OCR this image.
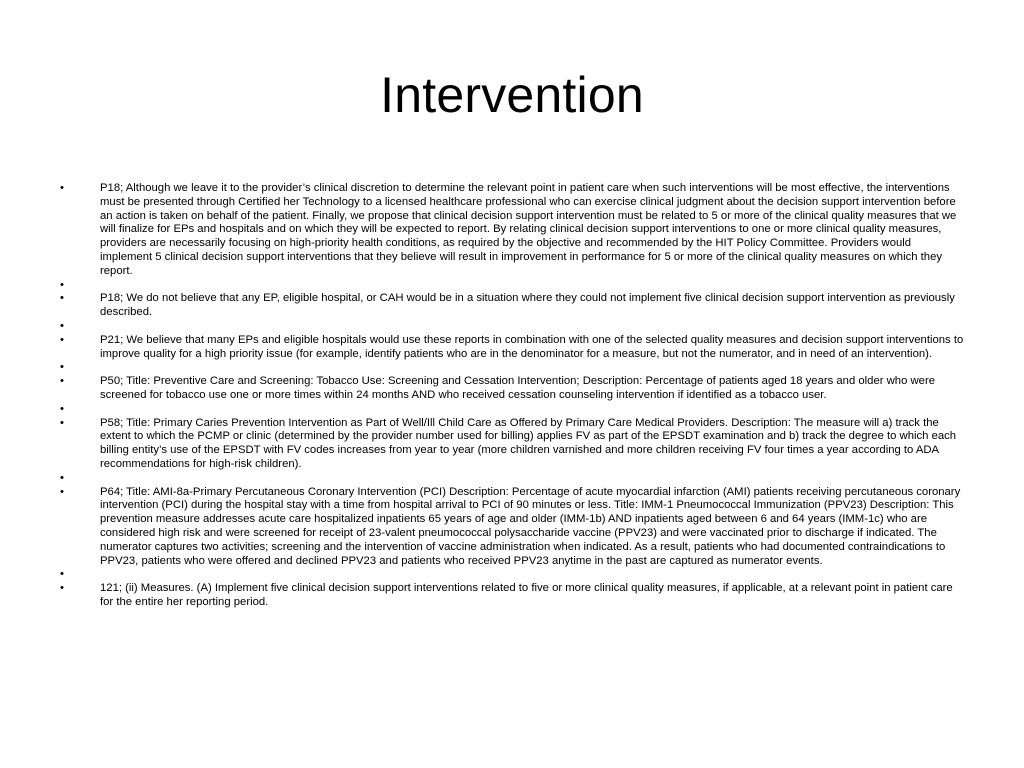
Intervention
•	P18; Although we leave it to the provider’s clinical discretion to determine the relevant point in patient care when such interventions will be most effective, the interventions must be presented through Certified her Technology to a licensed healthcare professional who can exercise clinical judgment about the decision support intervention before an action is taken on behalf of the patient. Finally, we propose that clinical decision support intervention must be related to 5 or more of the clinical quality measures that we will finalize for EPs and hospitals and on which they will be expected to report. By relating clinical decision support interventions to one or more clinical quality measures, providers are necessarily focusing on high-priority health conditions, as required by the objective and recommended by the HIT Policy Committee. Providers would implement 5 clinical decision support interventions that they believe will result in improvement in performance for 5 or more of the clinical quality measures on which they report.
•
•	P18; We do not believe that any EP, eligible hospital, or CAH would be in a situation where they could not implement five clinical decision support intervention as previously described.
•
•	P21; We believe that many EPs and eligible hospitals would use these reports in combination with one of the selected quality measures and decision support interventions to improve quality for a high priority issue (for example, identify patients who are in the denominator for a measure, but not the numerator, and in need of an intervention).
•
•	P50; Title: Preventive Care and Screening: Tobacco Use: Screening and Cessation Intervention; Description: Percentage of patients aged 18 years and older who were screened for tobacco use one or more times within 24 months AND who received cessation counseling intervention if identified as a tobacco user.
•
•	P58; Title: Primary Caries Prevention Intervention as Part of Well/Ill Child Care as Offered by Primary Care Medical Providers. Description: The measure will a) track the extent to which the PCMP or clinic (determined by the provider number used for billing) applies FV as part of the EPSDT examination and b) track the degree to which each billing entity’s use of the EPSDT with FV codes increases from year to year (more children varnished and more children receiving FV four times a year according to ADA recommendations for high-risk children).
•
•	P64; Title: AMI-8a-Primary Percutaneous Coronary Intervention (PCI) Description: Percentage of acute myocardial infarction (AMI) patients receiving percutaneous coronary intervention (PCI) during the hospital stay with a time from hospital arrival to PCI of 90 minutes or less. Title: IMM-1 Pneumococcal Immunization (PPV23) Description: This prevention measure addresses acute care hospitalized inpatients 65 years of age and older (IMM-1b) AND inpatients aged between 6 and 64 years (IMM-1c) who are considered high risk and were screened for receipt of 23-valent pneumococcal polysaccharide vaccine (PPV23) and were vaccinated prior to discharge if indicated. The numerator captures two activities; screening and the intervention of vaccine administration when indicated. As a result, patients who had documented contraindications to PPV23, patients who were offered and declined PPV23 and patients who received PPV23 anytime in the past are captured as numerator events.
•
•	121; (ii) Measures. (A) Implement five clinical decision support interventions related to five or more clinical quality measures, if applicable, at a relevant point in patient care for the entire her reporting period.
